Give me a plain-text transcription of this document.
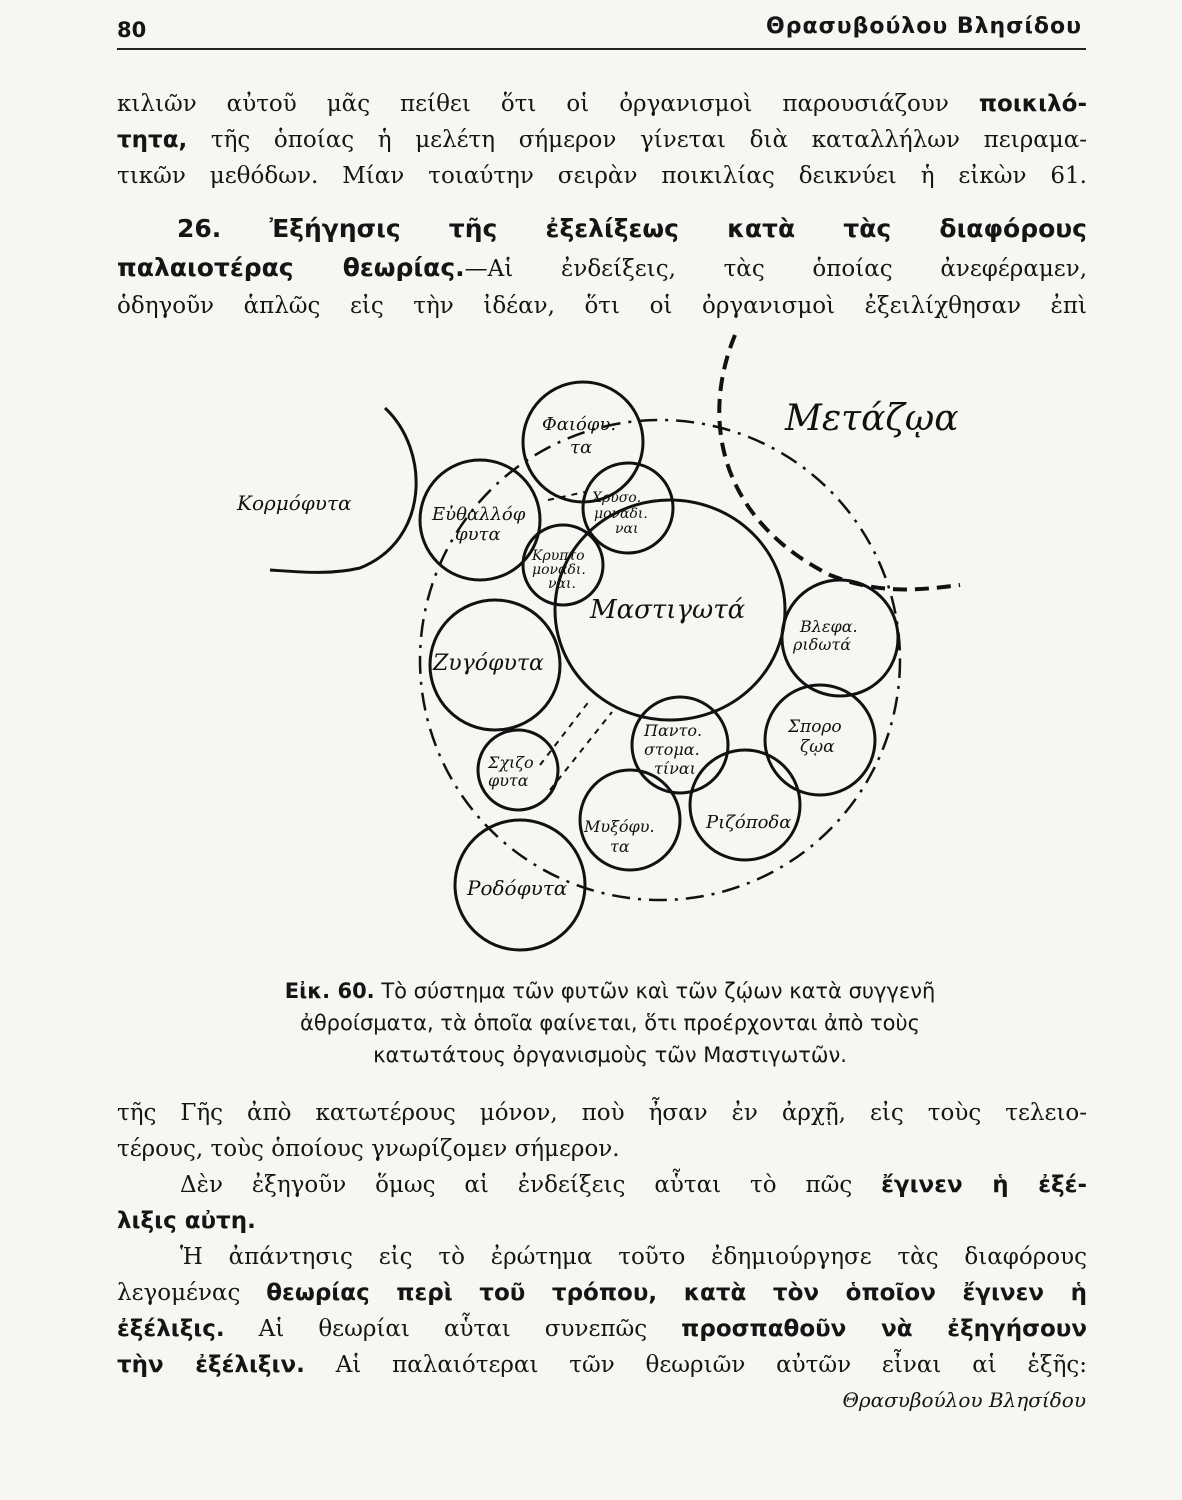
80	Θρασυβούλου Βλησίδου
κιλιῶν αὐτοῦ μᾶς πείθει ὅτι οἱ ὀργανισμοὶ παρουσιάζουν ποικιλό-
τητα, τῆς ὁποίας ἡ μελέτη σήμερον γίνεται διὰ καταλλήλων πειραμα-
τικῶν μεθόδων. Μίαν τοιαύτην σειρὰν ποικιλίας δεικνύει ἡ εἰκὼν 61.
26. Ἐξήγησις τῆς ἐξελίξεως κατὰ τὰς διαφόρους
παλαιοτέρας θεωρίας.—Αἱ ἐνδείξεις, τὰς ὁποίας ἀνεφέραμεν,
ὁδηγοῦν ἁπλῶς εἰς τὴν ἰδέαν, ὅτι οἱ ὀργανισμοὶ ἐξειλίχθησαν ἐπὶ
Μετάζῳα
Κορμόφυτα
Φαιόφυ.
τα
Χρυσο.
μοναδι.
ναι
Εὐθαλλόφ
φυτα
Κρυπτο
μοναδι.
ναι.
Μαστιγωτά
Ζυγόφυτα
Βλεφα.
ριδωτά
Σπορο
ζῳα
Παντο.
στομα.
τίναι
Σχιζο
φυτα
Μυξόφυ.
τα
Ριζόποδα
Ροδόφυτα
Εἰκ. 60. Τὸ σύστημα τῶν φυτῶν καὶ τῶν ζῴων κατὰ συγγενῆ
ἀθροίσματα, τὰ ὁποῖα φαίνεται, ὅτι προέρχονται ἀπὸ τοὺς
κατωτάτους ὀργανισμοὺς τῶν Μαστιγωτῶν.
τῆς Γῆς ἀπὸ κατωτέρους μόνον, ποὺ ἦσαν ἐν ἀρχῇ, εἰς τοὺς τελειο-
τέρους, τοὺς ὁποίους γνωρίζομεν σήμερον.
Δὲν ἐξηγοῦν ὅμως αἱ ἐνδείξεις αὗται τὸ πῶς ἔγινεν ἡ ἐξέ-
λιξις αὐτη.
Ἡ ἀπάντησις εἰς τὸ ἐρώτημα τοῦτο ἐδημιούργησε τὰς διαφόρους
λεγομένας θεωρίας περὶ τοῦ τρόπου, κατὰ τὸν ὁποῖον ἔγινεν ἡ
ἐξέλιξις. Αἱ θεωρίαι αὗται συνεπῶς προσπαθοῦν νὰ ἐξηγήσουν
τὴν ἐξέλιξιν. Αἱ παλαιότεραι τῶν θεωριῶν αὐτῶν εἶναι αἱ ἑξῆς:
Θρασυβούλου Βλησίδου
